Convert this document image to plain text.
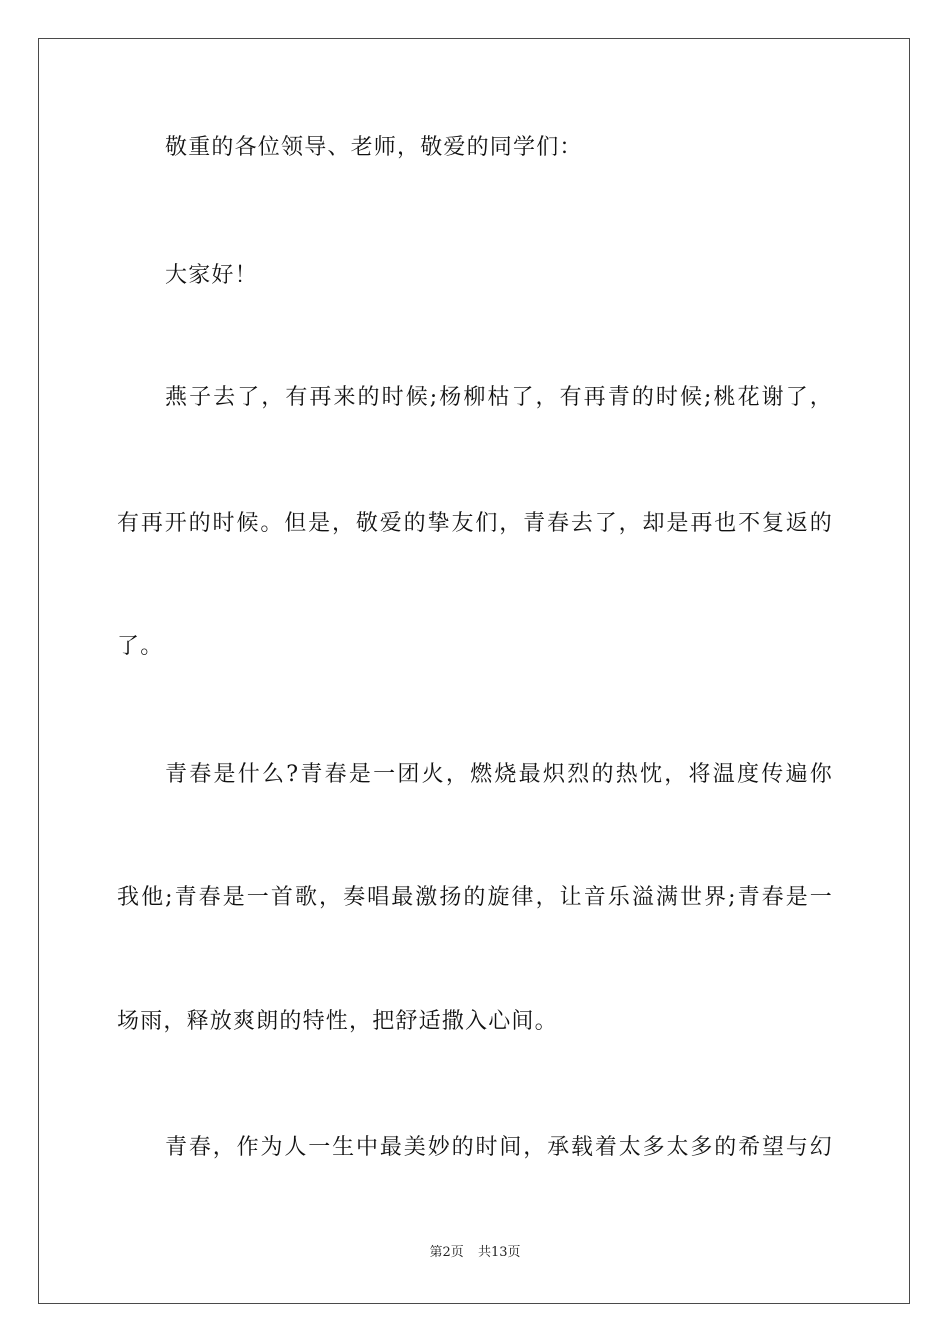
敬重的各位领导、老师，敬爱的同学们：
大家好！
燕子去了，有再来的时候;杨柳枯了，有再青的时候;桃花谢了，
有再开的时候。但是，敬爱的挚友们，青春去了，却是再也不复返的
了。
青春是什么?青春是一团火，燃烧最炽烈的热忱，将温度传遍你
我他;青春是一首歌，奏唱最激扬的旋律，让音乐溢满世界;青春是一
场雨，释放爽朗的特性，把舒适撒入心间。
青春，作为人一生中最美妙的时间，承载着太多太多的希望与幻
第2页 共13页
